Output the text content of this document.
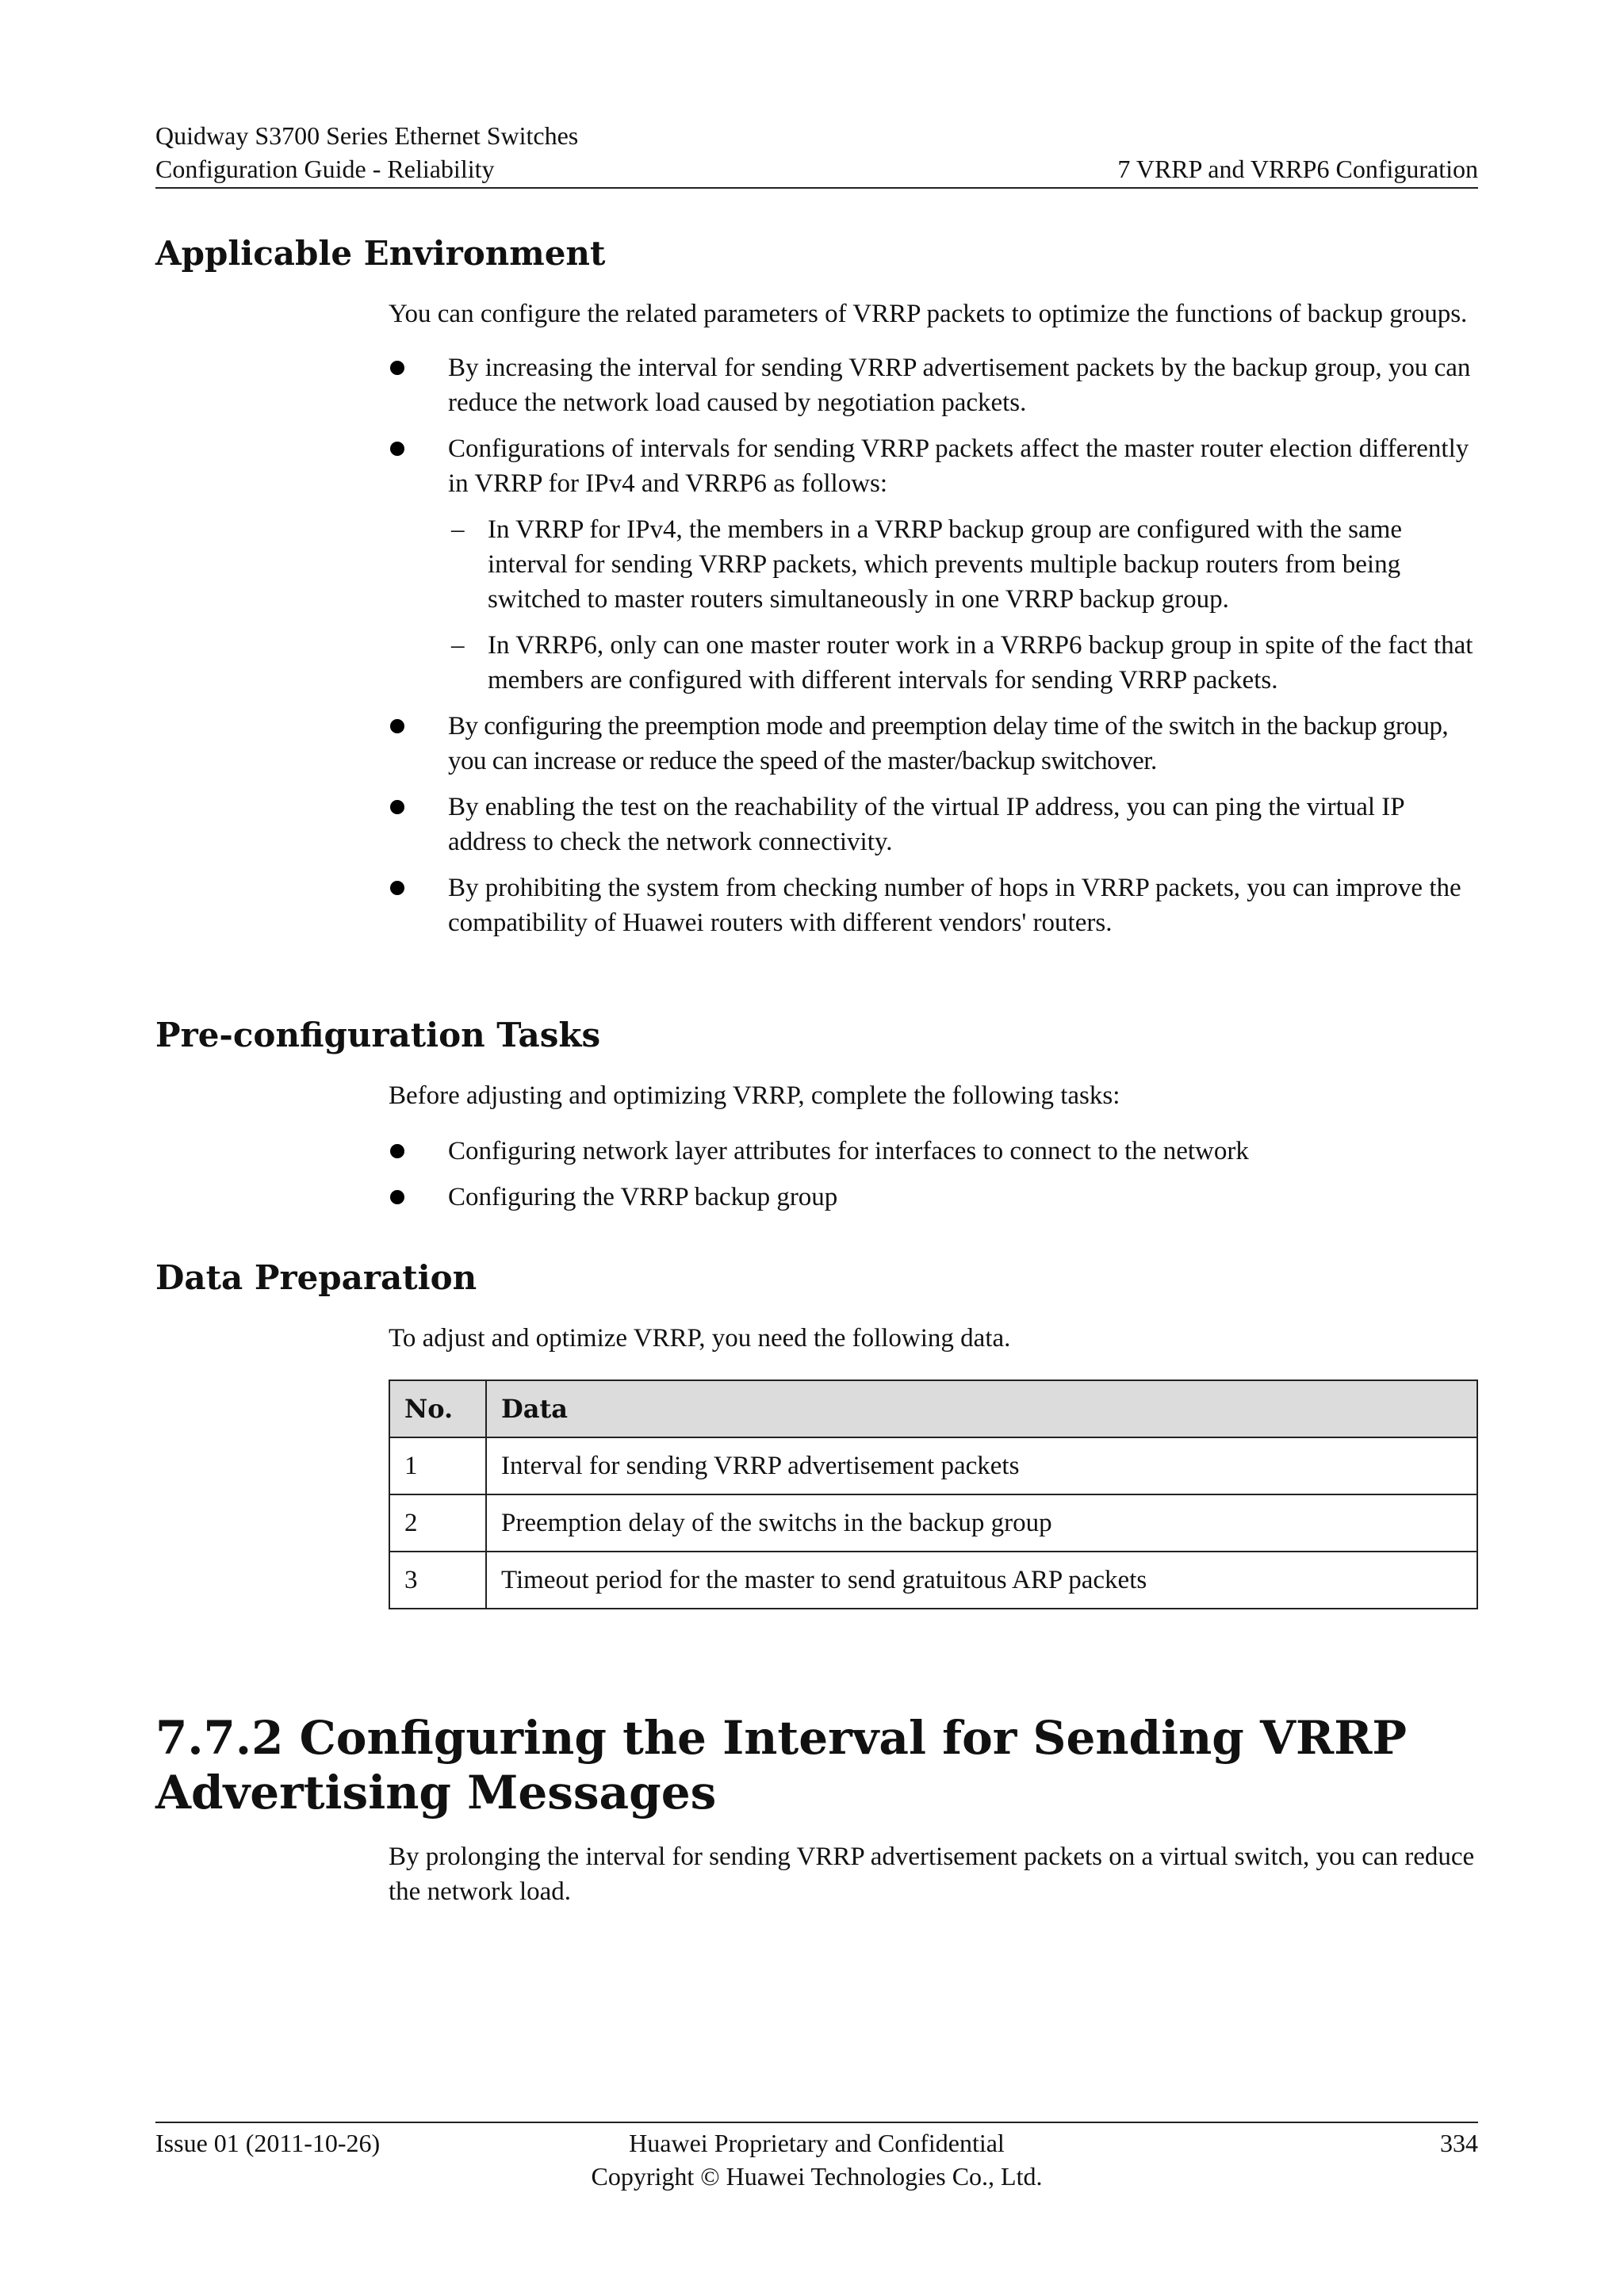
Quidway S3700 Series Ethernet Switches
Configuration Guide - Reliability	7 VRRP and VRRP6 Configuration
Applicable Environment

You can configure the related parameters of VRRP packets to optimize the functions of backup groups.

By increasing the interval for sending VRRP advertisement packets by the backup group, you can reduce the network load caused by negotiation packets.
Configurations of intervals for sending VRRP packets affect the master router election differently in VRRP for IPv4 and VRRP6 as follows:
– In VRRP for IPv4, the members in a VRRP backup group are configured with the same interval for sending VRRP packets, which prevents multiple backup routers from being switched to master routers simultaneously in one VRRP backup group.
– In VRRP6, only can one master router work in a VRRP6 backup group in spite of the fact that members are configured with different intervals for sending VRRP packets.
By configuring the preemption mode and preemption delay time of the switch in the backup group, you can increase or reduce the speed of the master/backup switchover.
By enabling the test on the reachability of the virtual IP address, you can ping the virtual IP address to check the network connectivity.
By prohibiting the system from checking number of hops in VRRP packets, you can improve the compatibility of Huawei routers with different vendors' routers.
Pre-configuration Tasks

Before adjusting and optimizing VRRP, complete the following tasks:

Configuring network layer attributes for interfaces to connect to the network
Configuring the VRRP backup group
Data Preparation

To adjust and optimize VRRP, you need the following data.

No.	Data
1	Interval for sending VRRP advertisement packets
2	Preemption delay of the switchs in the backup group
3	Timeout period for the master to send gratuitous ARP packets
7.7.2 Configuring the Interval for Sending VRRP Advertising Messages

By prolonging the interval for sending VRRP advertisement packets on a virtual switch, you can reduce the network load.

Issue 01 (2011-10-26)	Huawei Proprietary and Confidential
Copyright © Huawei Technologies Co., Ltd.
334
